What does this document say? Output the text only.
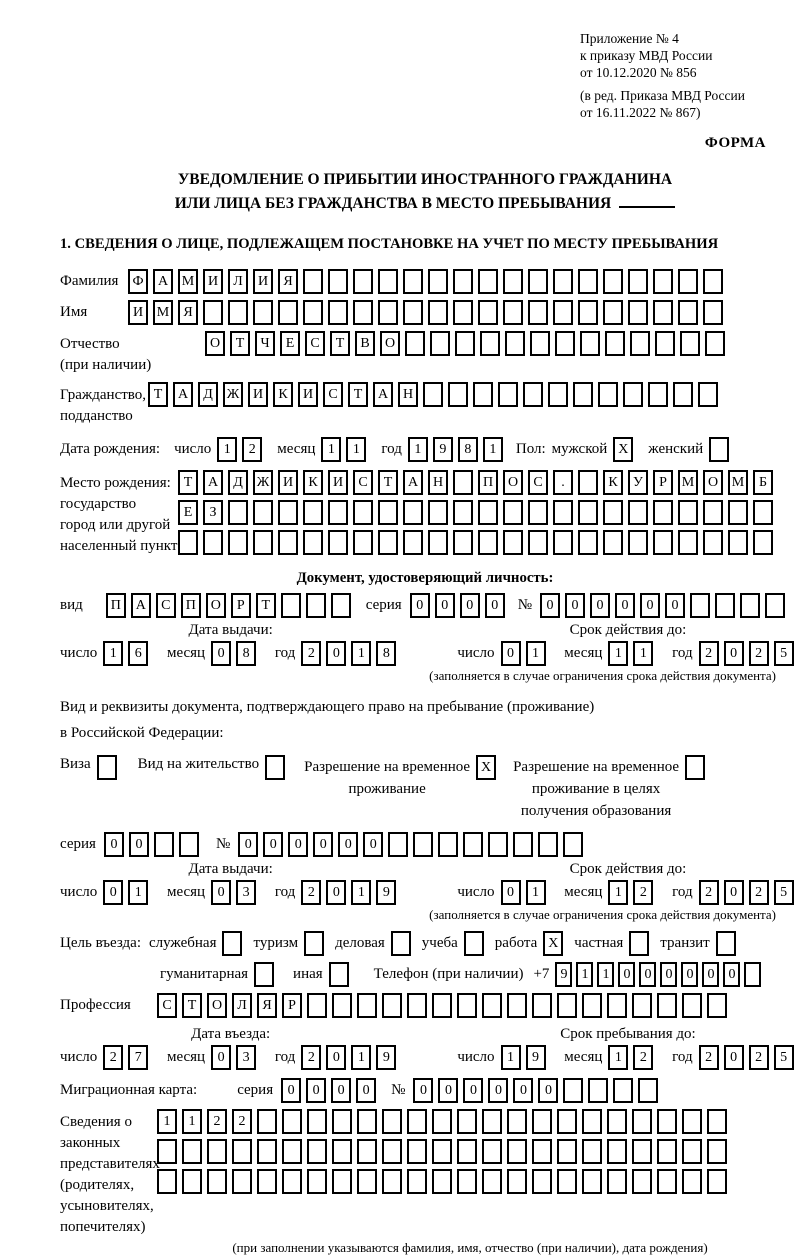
Приложение № 4
к приказу МВД России
от 10.12.2020 № 856
(в ред. Приказа МВД России
от 16.11.2022 № 867)
ФОРМА
УВЕДОМЛЕНИЕ О ПРИБЫТИИ ИНОСТРАННОГО ГРАЖДАНИНА
ИЛИ ЛИЦА БЕЗ ГРАЖДАНСТВА В МЕСТО ПРЕБЫВАНИЯ
1. СВЕДЕНИЯ О ЛИЦЕ, ПОДЛЕЖАЩЕМ ПОСТАНОВКЕ НА УЧЕТ ПО МЕСТУ ПРЕБЫВАНИЯ
Фамилия	Ф А М И Л И Я
Имя	И М Я
Отчество
(при наличии)
О Т Ч Е С Т В О
Гражданство,
подданство
Т А Д Ж И К И С Т А Н
Дата рождения: число 1 2	месяц 1 1	год 1 9 8 1	Пол: мужской X	женский
Место рождения:
государство
город или другой
населенный пункт
Т А Д Ж И К И С Т А Н	П О С .	К У Р М О М Б
Е З
Документ, удостоверяющий личность:
вид	П А С П О Р Т	серия	0 0 0 0	№	0 0 0 0 0 0
Дата выдачи:
число 1 6 месяц 0 8 год 2 0 1 8
Срок действия до:
число 0 1 месяц 1 1 год 2 0 2 5
(заполняется в случае ограничения срока действия документа)
Вид и реквизиты документа, подтверждающего право на пребывание (проживание)
в Российской Федерации:
Виза	Вид на жительство	Разрешение на временное
проживание
X	Разрешение на временное
проживание в целях
получения образования
серия	0 0	№	0 0 0 0 0 0
Дата выдачи:
число 0 1 месяц 0 3 год 2 0 1 9
Срок действия до:
число 0 1 месяц 1 2 год 2 0 2 5
(заполняется в случае ограничения срока действия документа)
Цель въезда: служебная	туризм	деловая	учеба	работа X	частная	транзит
гуманитарная	иная	Телефон (при наличии) +7 9 1 1 0 0 0 0 0 0
Профессия	С Т О Л Я Р
Дата въезда:
число 2 7 месяц 0 3 год 2 0 1 9
Срок пребывания до:
число 1 9 месяц 1 2 год 2 0 2 5
Миграционная карта:	серия	0 0 0 0	№	0 0 0 0 0 0
Сведения о
законных
представителях
(родителях,
усыновителях,
попечителях)
1 1 2 2
(при заполнении указываются фамилия, имя, отчество (при наличии), дата рождения)
